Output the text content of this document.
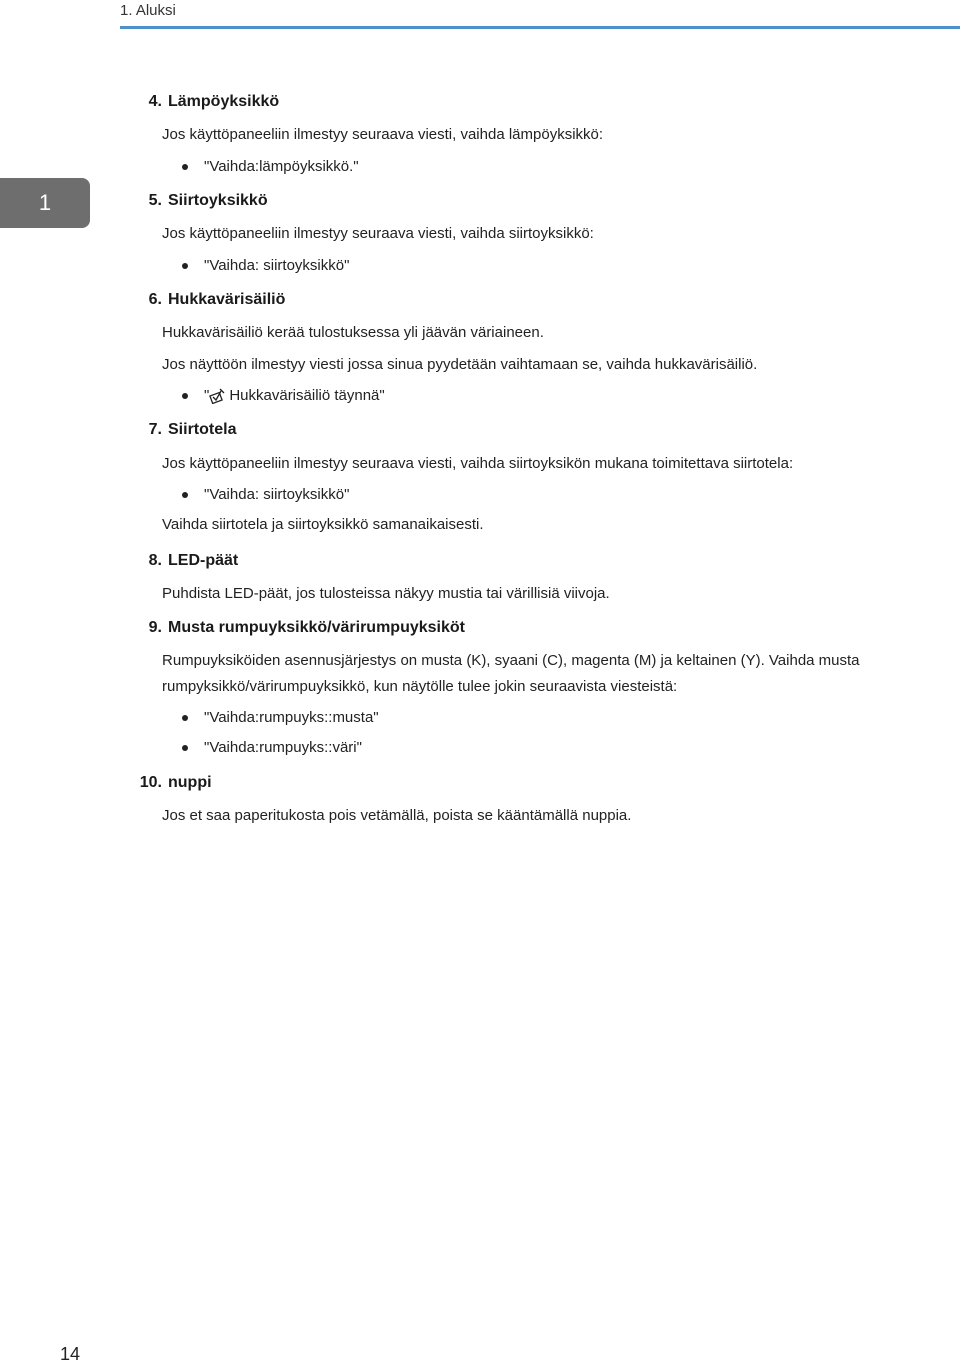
1. Aluksi
1
4. Lämpöyksikkö
Jos käyttöpaneeliin ilmestyy seuraava viesti, vaihda lämpöyksikkö:
"Vaihda:lämpöyksikkö."
5. Siirtoyksikkö
Jos käyttöpaneeliin ilmestyy seuraava viesti, vaihda siirtoyksikkö:
"Vaihda: siirtoyksikkö"
6. Hukkavärisäiliö
Hukkavärisäiliö kerää tulostuksessa yli jäävän väriaineen.
Jos näyttöön ilmestyy viesti jossa sinua pyydetään vaihtamaan se, vaihda hukkavärisäiliö.
" Hukkavärisäiliö täynnä"
7. Siirtotela
Jos käyttöpaneeliin ilmestyy seuraava viesti, vaihda siirtoyksikön mukana toimitettava siirtotela:
"Vaihda: siirtoyksikkö"
Vaihda siirtotela ja siirtoyksikkö samanaikaisesti.
8. LED-päät
Puhdista LED-päät, jos tulosteissa näkyy mustia tai värillisiä viivoja.
9. Musta rumpuyksikkö/värirumpuyksiköt
Rumpuyksiköiden asennusjärjestys on musta (K), syaani (C), magenta (M) ja keltainen (Y). Vaihda musta rumpyksikkö/värirumpuyksikkö, kun näytölle tulee jokin seuraavista viesteistä:
"Vaihda:rumpuyks::musta"
"Vaihda:rumpuyks::väri"
10. nuppi
Jos et saa paperitukosta pois vetämällä, poista se kääntämällä nuppia.
14
